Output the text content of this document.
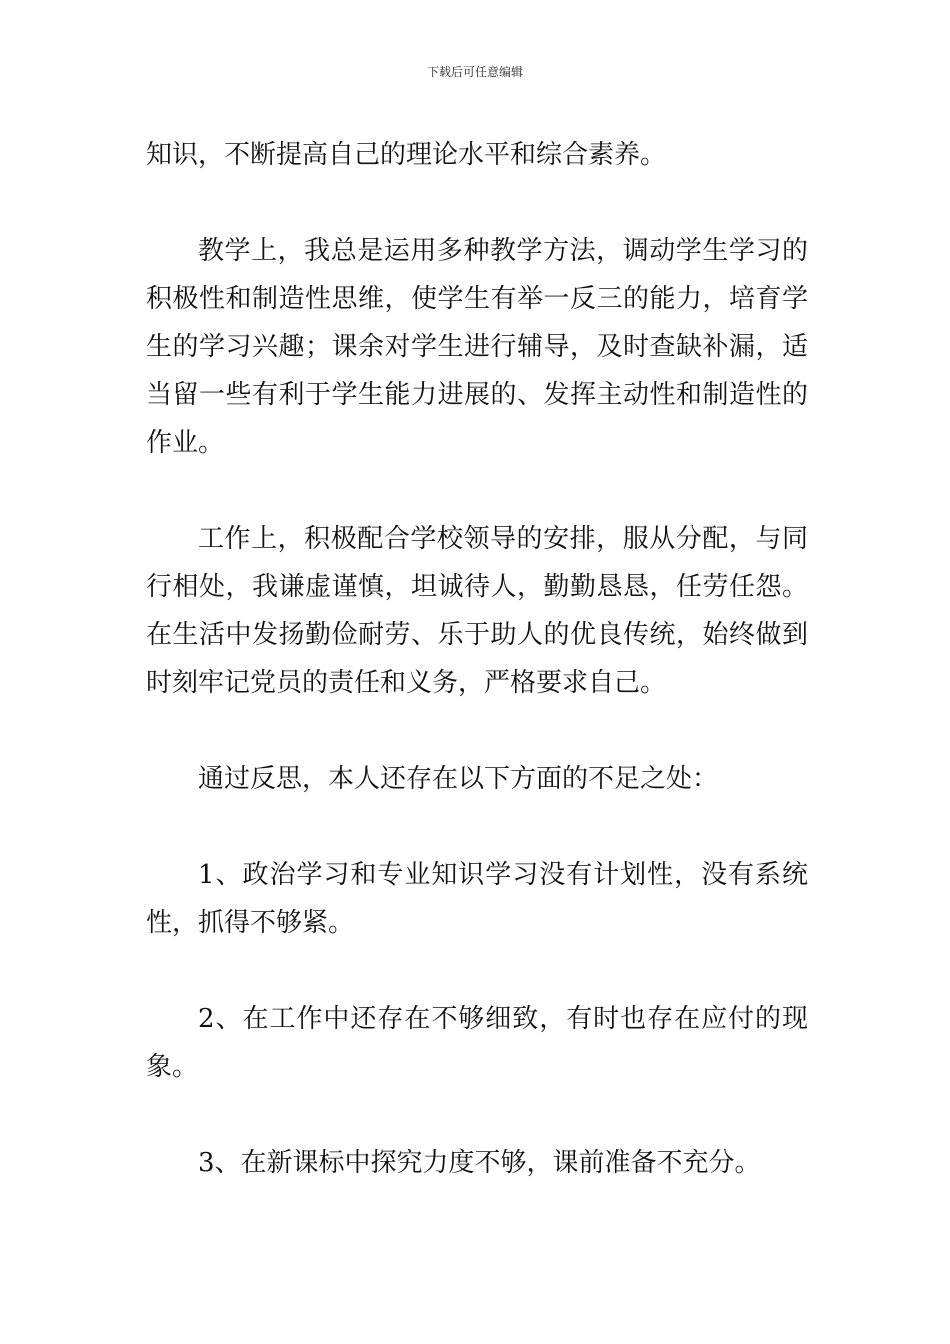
下载后可任意编辑

知识，不断提高自己的理论水平和综合素养。

教学上，我总是运用多种教学方法，调动学生学习的积极性和制造性思维，使学生有举一反三的能力，培育学生的学习兴趣；课余对学生进行辅导，及时查缺补漏，适当留一些有利于学生能力进展的、发挥主动性和制造性的作业。

工作上，积极配合学校领导的安排，服从分配，与同行相处，我谦虚谨慎，坦诚待人，勤勤恳恳，任劳任怨。在生活中发扬勤俭耐劳、乐于助人的优良传统，始终做到时刻牢记党员的责任和义务，严格要求自己。

通过反思，本人还存在以下方面的不足之处：

1、政治学习和专业知识学习没有计划性，没有系统性，抓得不够紧。

2、在工作中还存在不够细致，有时也存在应付的现象。

3、在新课标中探究力度不够，课前准备不充分。
